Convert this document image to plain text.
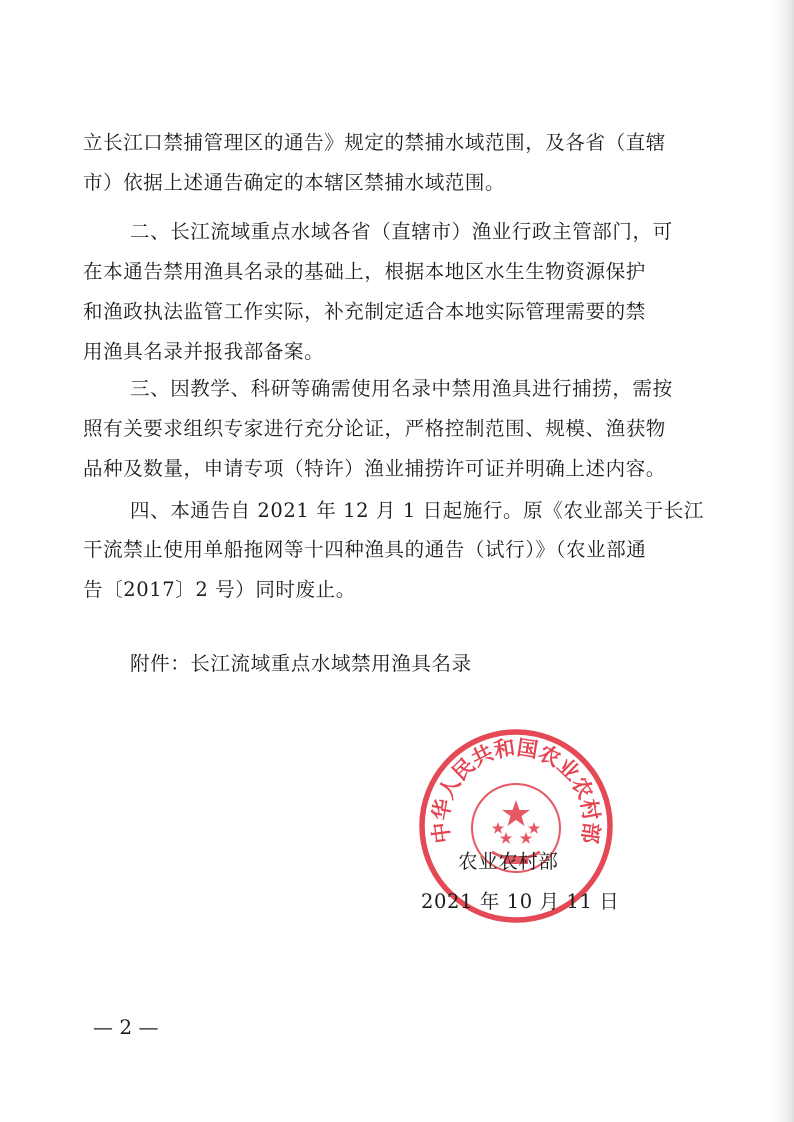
立长江口禁捕管理区的通告》规定的禁捕水域范围，及各省（直辖
市）依据上述通告确定的本辖区禁捕水域范围。
二、长江流域重点水域各省（直辖市）渔业行政主管部门，可
在本通告禁用渔具名录的基础上，根据本地区水生生物资源保护
和渔政执法监管工作实际，补充制定适合本地实际管理需要的禁
用渔具名录并报我部备案。
三、因教学、科研等确需使用名录中禁用渔具进行捕捞，需按
照有关要求组织专家进行充分论证，严格控制范围、规模、渔获物
品种及数量，申请专项（特许）渔业捕捞许可证并明确上述内容。
四、本通告自 2021 年 12 月 1 日起施行。原《农业部关于长江
干流禁止使用单船拖网等十四种渔具的通告（试行）》（农业部通
告〔2017〕2 号）同时废止。
附件：长江流域重点水域禁用渔具名录
中华人民共和国农业农村部
农业农村部
2021 年 10 月 11 日
— 2 —
